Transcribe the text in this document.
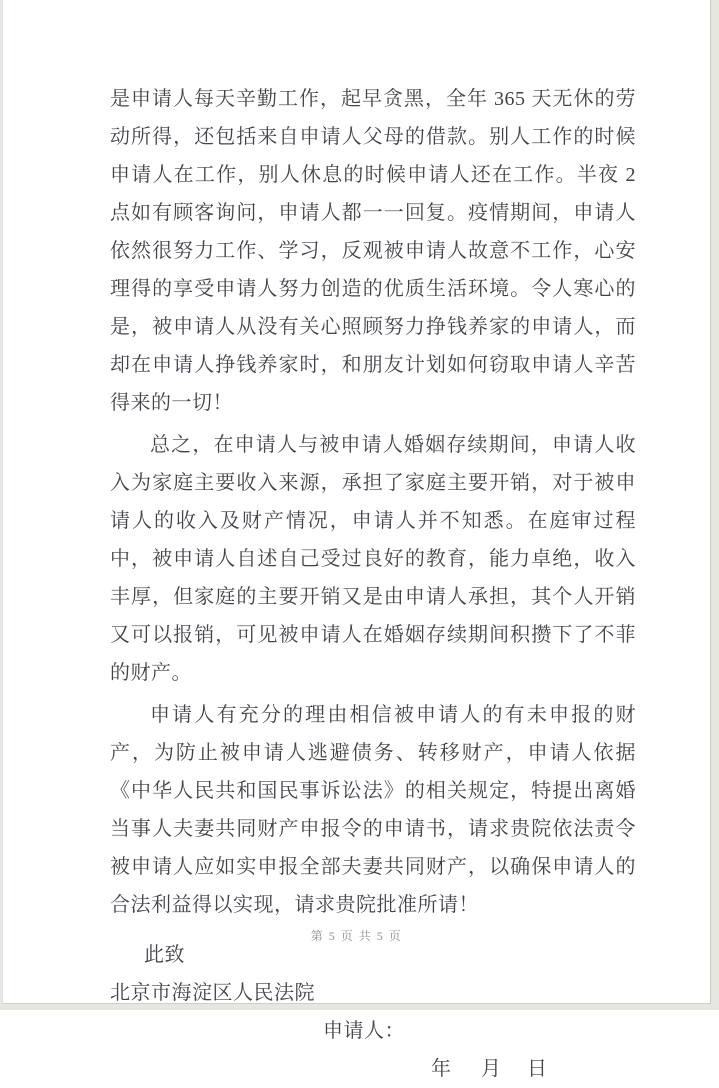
是申请人每天辛勤工作，起早贪黑，全年 365 天无休的劳动所得，还包括来自申请人父母的借款。别人工作的时候申请人在工作，别人休息的时候申请人还在工作。半夜 2 点如有顾客询问，申请人都一一回复。疫情期间，申请人依然很努力工作、学习，反观被申请人故意不工作，心安理得的享受申请人努力创造的优质生活环境。令人寒心的是，被申请人从没有关心照顾努力挣钱养家的申请人，而却在申请人挣钱养家时，和朋友计划如何窃取申请人辛苦得来的一切！

总之，在申请人与被申请人婚姻存续期间，申请人收入为家庭主要收入来源，承担了家庭主要开销，对于被申请人的收入及财产情况，申请人并不知悉。在庭审过程中，被申请人自述自己受过良好的教育，能力卓绝，收入丰厚，但家庭的主要开销又是由申请人承担，其个人开销又可以报销，可见被申请人在婚姻存续期间积攒下了不菲的财产。

申请人有充分的理由相信被申请人的有未申报的财产，为防止被申请人逃避债务、转移财产，申请人依据《中华人民共和国民事诉讼法》的相关规定，特提出离婚当事人夫妻共同财产申报令的申请书，请求贵院依法责令被申请人应如实申报全部夫妻共同财产，以确保申请人的合法利益得以实现，请求贵院批准所请！

此致

北京市海淀区人民法院

申请人：

年 月 日

第 5 页 共 5 页
